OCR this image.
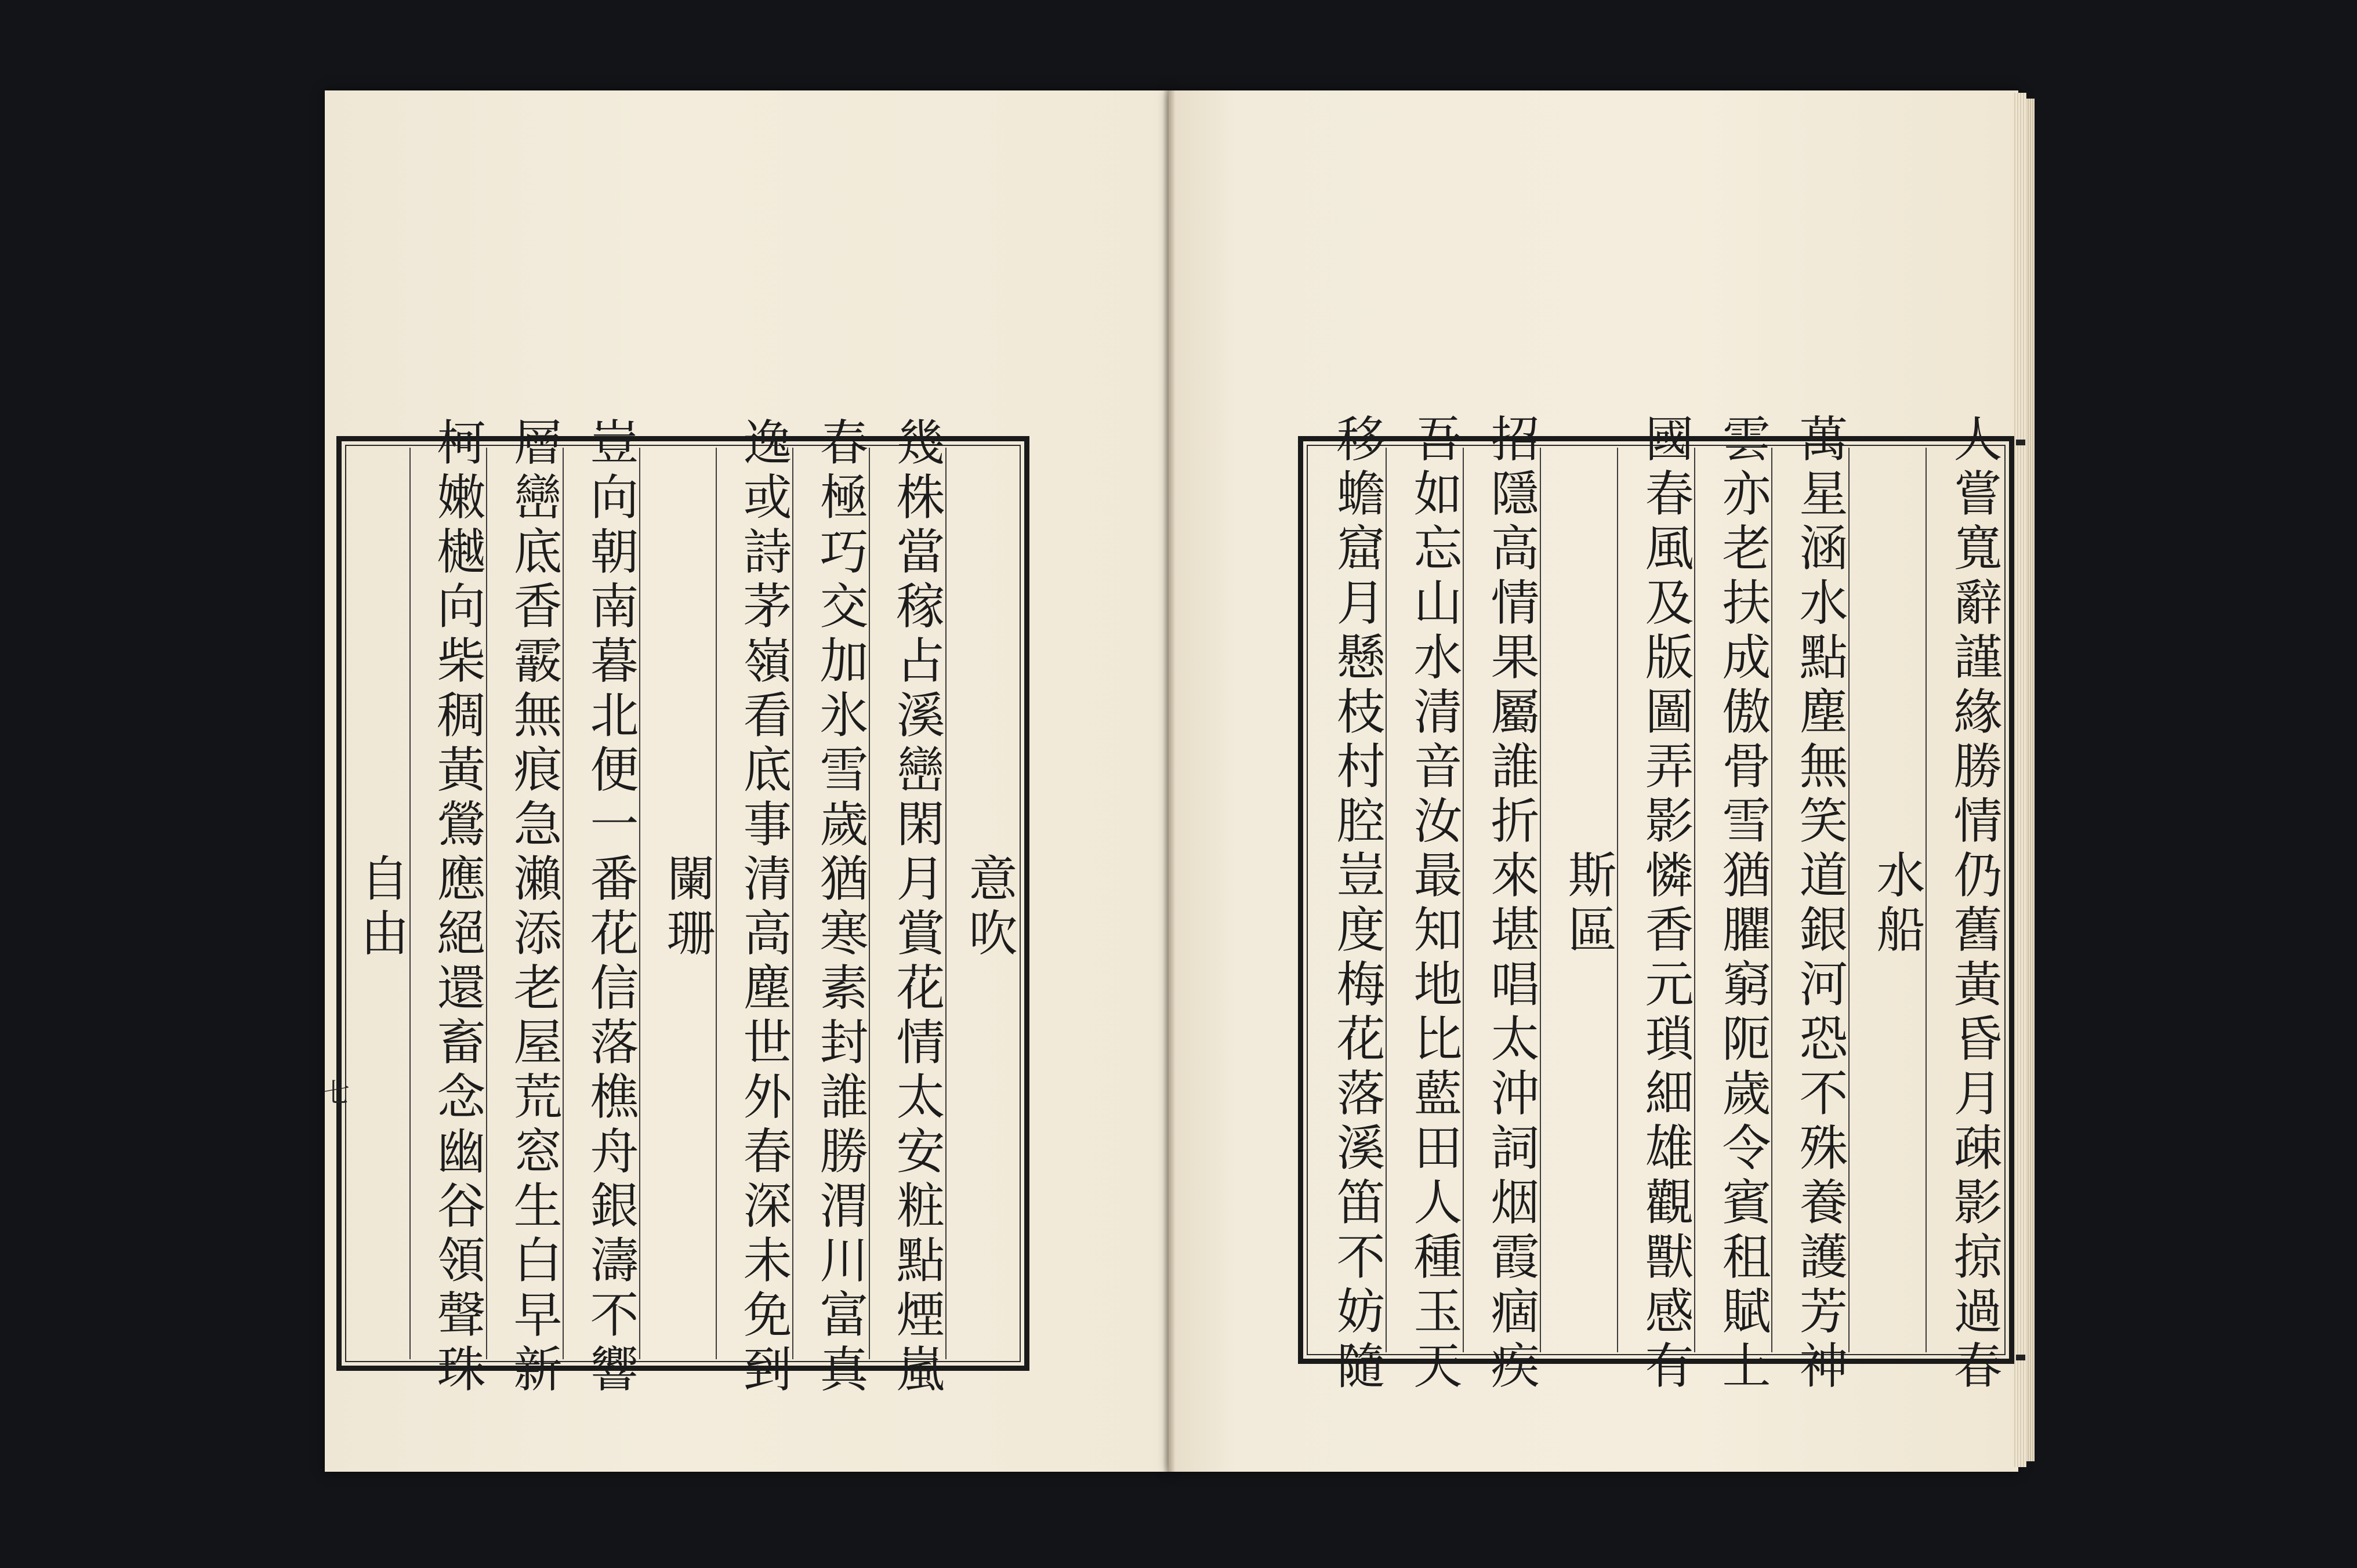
意吹
幾株當稼占溪巒閑月賞花情太安粧點煙嵐
春極巧交加氷雪歲猶寒素封誰勝渭川富真
逸或詩茅嶺看底事清高塵世外春深未免到
闌珊
豈向朝南暮北便一番花信落樵舟銀濤不響
層巒底香霰無痕急瀨添老屋荒窓生白早新
柯嫩樾向柴稠黃鶯應絕還畜念幽谷領聲珠
自由	人嘗寬辭謹緣勝情仍舊黃昏月疎影掠過春
水船
萬星涵水點塵無笑道銀河恐不殊養護芳神
雲亦老扶成傲骨雪猶臞窮阨歲令賓租賦上
國春風及版圖弄影憐香元瑣細雄觀獸感有
斯區
招隱高情果屬誰折來堪唱太沖詞烟霞痼疾
吾如忘山水清音汝最知地比藍田人種玉天
移蟾窟月懸枝村腔豈度梅花落溪笛不妨隨
七
